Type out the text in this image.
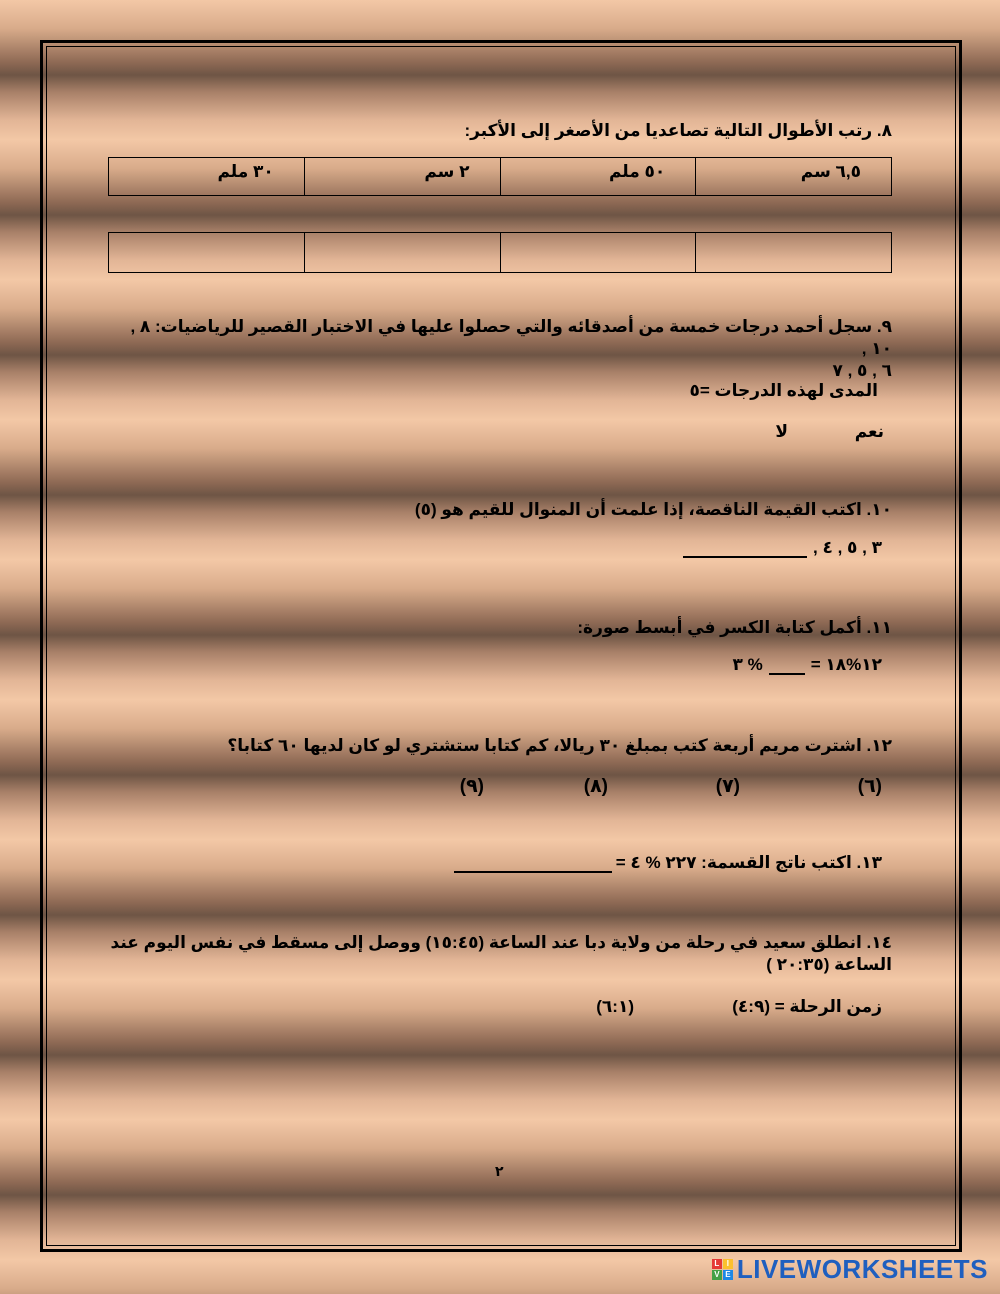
٨. رتب الأطوال التالية تصاعديا من الأصغر إلى الأكبر:
٦,٥ سم	٥٠ ملم	٢ سم	٣٠ ملم

٩. سجل أحمد درجات خمسة من أصدقائه والتي حصلوا عليها في الاختبار القصير للرياضيات: ٨ , ١٠ ,
٦ , ٥ , ٧
المدى لهذه الدرجات =٥
نعم
لا
١٠. اكتب القيمة الناقصة، إذا علمت أن المنوال للقيم هو (٥)
٣ , ٥ , ٤ ,
١١. أكمل كتابة الكسر في أبسط صورة:
١٢%١٨ =
% ٣
١٢. اشترت مريم أربعة كتب بمبلغ ٣٠ ريالا، كم كتابا ستشتري لو كان لديها ٦٠ كتابا؟
(٦)
(٧)
(٨)
(٩)
١٣. اكتب ناتج القسمة: ٢٢٧ % ٤ =
١٤. انطلق سعيد في رحلة من ولاية دبا عند الساعة (١٥:٤٥) ووصل إلى مسقط في نفس اليوم عند
الساعة (٢٠:٣٥ )
زمن الرحلة = (٤:٩)
(٦:١)
٢
L I
V E LIVEWORKSHEETS
